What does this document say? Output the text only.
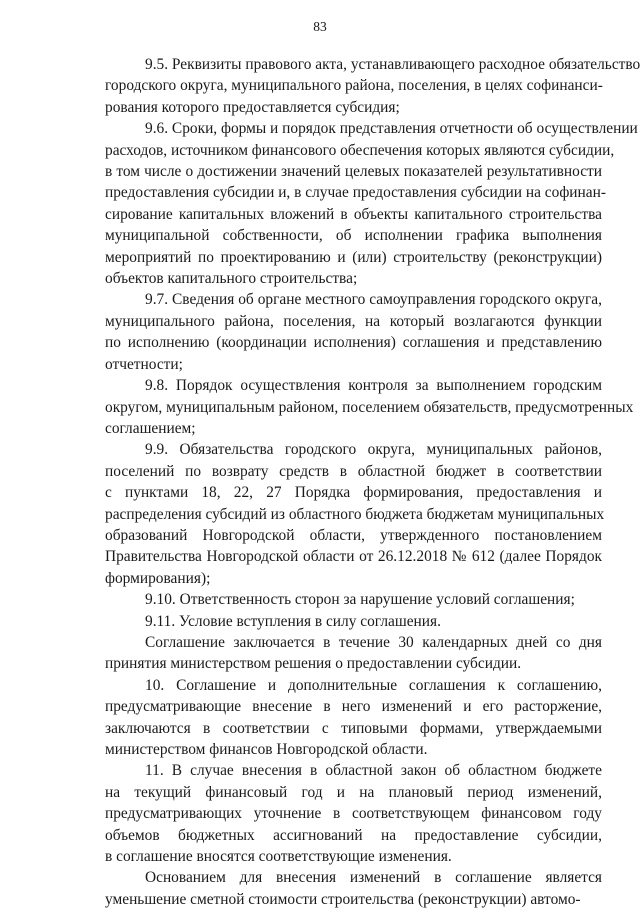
83
9.5. Реквизиты правового акта, устанавливающего расходное обязательство
городского округа, муниципального района, поселения, в целях софинанси-
рования которого предоставляется субсидия;
9.6. Сроки, формы и порядок представления отчетности об осуществлении
расходов, источником финансового обеспечения которых являются субсидии,
в том числе о достижении значений целевых показателей результативности
предоставления субсидии и, в случае предоставления субсидии на софинан-
сирование капитальных вложений в объекты капитального строительства
муниципальной собственности, об исполнении графика выполнения
мероприятий по проектированию и (или) строительству (реконструкции)
объектов капитального строительства;
9.7. Сведения об органе местного самоуправления городского округа,
муниципального района, поселения, на который возлагаются функции
по исполнению (координации исполнения) соглашения и представлению
отчетности;
9.8. Порядок осуществления контроля за выполнением городским
округом, муниципальным районом, поселением обязательств, предусмотренных
соглашением;
9.9. Обязательства городского округа, муниципальных районов,
поселений по возврату средств в областной бюджет в соответствии
с пунктами 18, 22, 27 Порядка формирования, предоставления и
распределения субсидий из областного бюджета бюджетам муниципальных
образований Новгородской области, утвержденного постановлением
Правительства Новгородской области от 26.12.2018 № 612 (далее Порядок
формирования);
9.10. Ответственность сторон за нарушение условий соглашения;
9.11. Условие вступления в силу соглашения.
Соглашение заключается в течение 30 календарных дней со дня
принятия министерством решения о предоставлении субсидии.
10. Соглашение и дополнительные соглашения к соглашению,
предусматривающие внесение в него изменений и его расторжение,
заключаются в соответствии с типовыми формами, утверждаемыми
министерством финансов Новгородской области.
11. В случае внесения в областной закон об областном бюджете
на текущий финансовый год и на плановый период изменений,
предусматривающих уточнение в соответствующем финансовом году
объемов бюджетных ассигнований на предоставление субсидии,
в соглашение вносятся соответствующие изменения.
Основанием для внесения изменений в соглашение является
уменьшение сметной стоимости строительства (реконструкции) автомо-
